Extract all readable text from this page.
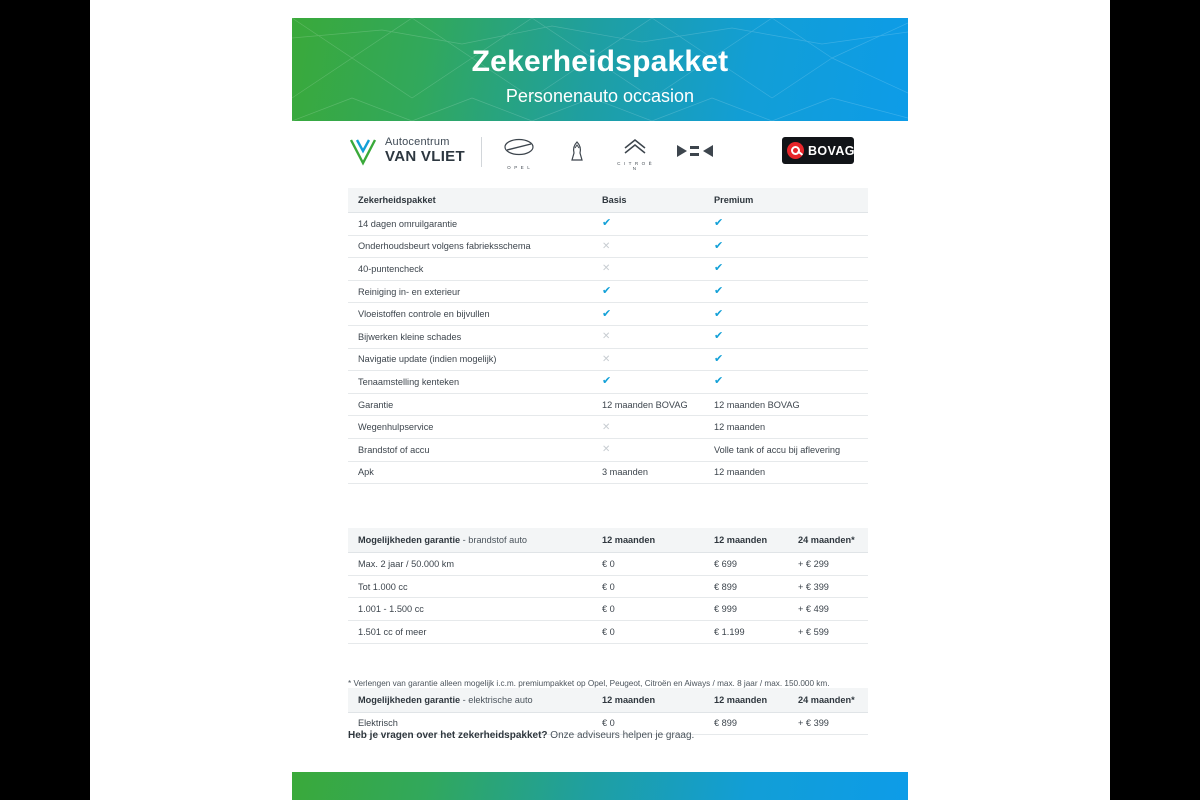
Zekerheidspakket
Personenauto occasion
Autocentrum
VAN VLIET
O P E L
C I T R O Ë N
BOVAG
Zekerheidspakket	Basis	Premium
14 dagen omruilgarantie	✔	✔
Onderhoudsbeurt volgens fabrieksschema	✕	✔
40-puntencheck	✕	✔
Reiniging in- en exterieur	✔	✔
Vloeistoffen controle en bijvullen	✔	✔
Bijwerken kleine schades	✕	✔
Navigatie update (indien mogelijk)	✕	✔
Tenaamstelling kenteken	✔	✔
Garantie	12 maanden BOVAG	12 maanden BOVAG
Wegenhulpservice	✕	12 maanden
Brandstof of accu	✕	Volle tank of accu bij aflevering
Apk	3 maanden	12 maanden

Mogelijkheden garantie - brandstof auto	12 maanden	12 maanden	24 maanden*
Max. 2 jaar / 50.000 km	€ 0	€ 699	+ € 299
Tot 1.000 cc	€ 0	€ 899	+ € 399
1.001 - 1.500 cc	€ 0	€ 999	+ € 499
1.501 cc of meer	€ 0	€ 1.199	+ € 599

Mogelijkheden garantie - elektrische auto	12 maanden	12 maanden	24 maanden*
Elektrisch	€ 0	€ 899	+ € 399
* Verlengen van garantie alleen mogelijk i.c.m. premiumpakket op Opel, Peugeot, Citroën en Aiways / max. 8 jaar / max. 150.000 km.
Heb je vragen over het zekerheidspakket? Onze adviseurs helpen je graag.
